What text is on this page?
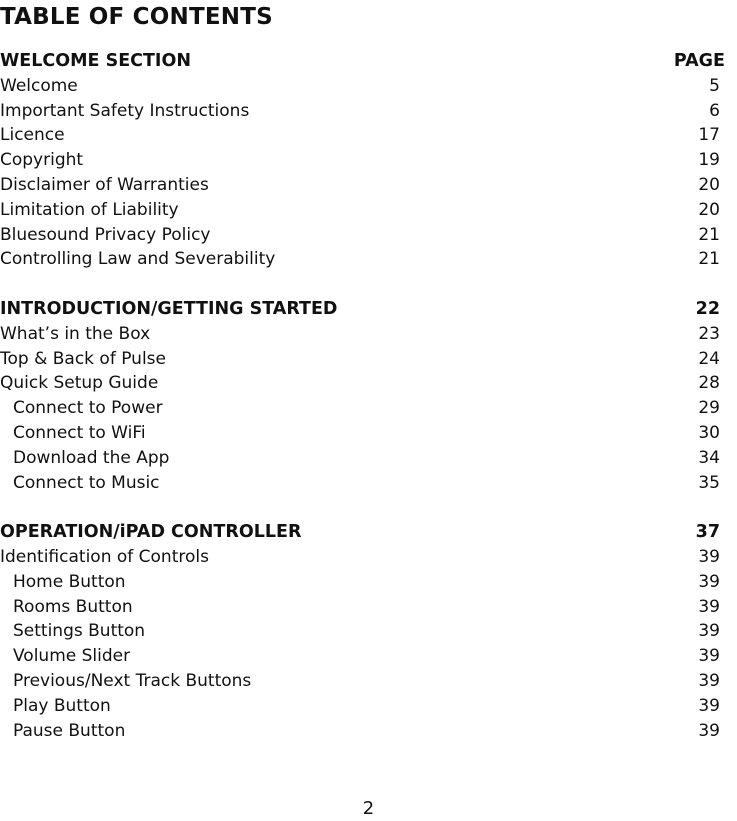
TABLE OF CONTENTS
WELCOME SECTION	PAGE
Welcome	5
Important Safety Instructions	6
Licence	17
Copyright	19
Disclaimer of Warranties	20
Limitation of Liability	20
Bluesound Privacy Policy	21
Controlling Law and Severability	21
INTRODUCTION/GETTING STARTED	22
What’s in the Box	23
Top & Back of Pulse	24
Quick Setup Guide	28
Connect to Power	29
Connect to WiFi	30
Download the App	34
Connect to Music	35
OPERATION/iPAD CONTROLLER	37
Identification of Controls	39
Home Button	39
Rooms Button	39
Settings Button	39
Volume Slider	39
Previous/Next Track Buttons	39
Play Button	39
Pause Button	39
2
